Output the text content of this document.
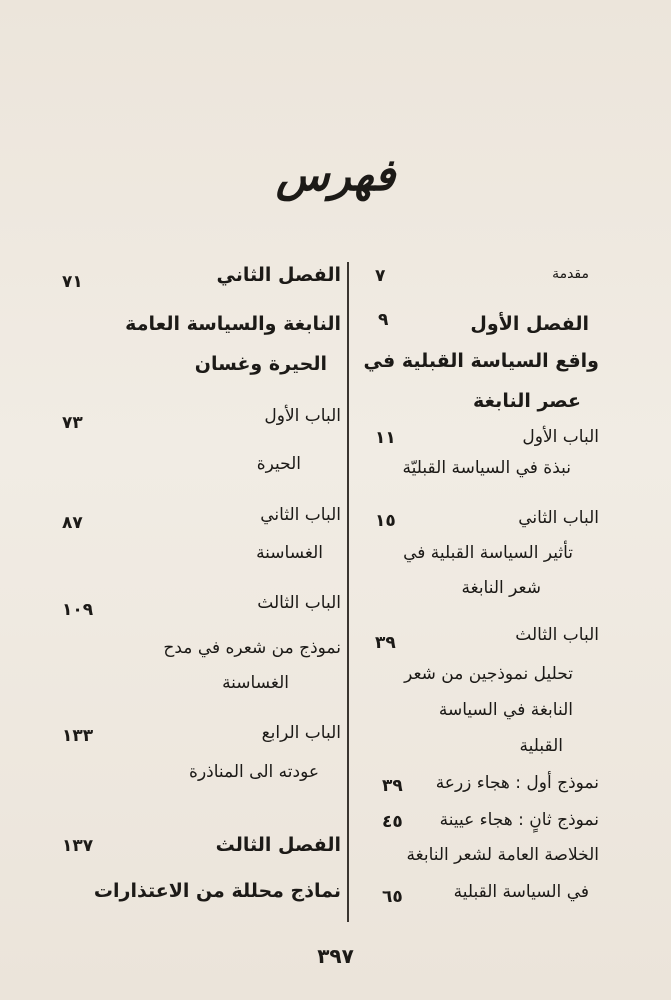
فهرس
مقدمة
٧
الفصل الأول
٩
واقع السياسة القبلية في
عصر النابغة
الباب الأول
١١
نبذة في السياسة القبليّة
الباب الثاني
١٥
تأثير السياسة القبلية في
شعر النابغة
الباب الثالث
٣٩
تحليل نموذجين من شعر
النابغة في السياسة
القبلية
نموذج أول : هجاء زرعة
٣٩
نموذج ثانٍ : هجاء عيينة
٤٥
الخلاصة العامة لشعر النابغة
في السياسة القبلية
٦٥
الفصل الثاني
٧١
النابغة والسياسة العامة
الحيرة وغسان
الباب الأول
٧٣
الحيرة
الباب الثاني
٨٧
الغساسنة
الباب الثالث
١٠٩
نموذج من شعره في مدح
الغساسنة
الباب الرابع
١٣٣
عودته الى المناذرة
الفصل الثالث
١٣٧
نماذج محللة من الاعتذارات
٣٩٧
